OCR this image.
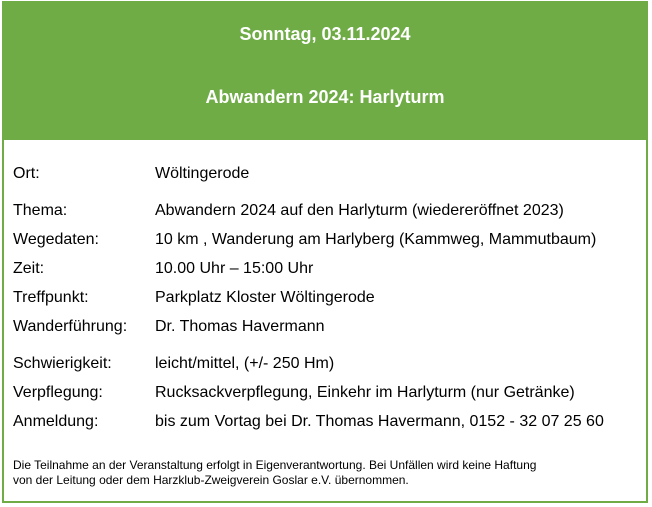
Sonntag, 03.11.2024
Abwandern 2024: Harlyturm
Ort:	Wöltingerode
Thema:	Abwandern 2024 auf den Harlyturm (wiedereröffnet 2023)
Wegedaten:	10 km , Wanderung am Harlyberg (Kammweg, Mammutbaum)
Zeit:	10.00 Uhr – 15:00 Uhr
Treffpunkt:	Parkplatz Kloster Wöltingerode
Wanderführung: Dr. Thomas Havermann
Schwierigkeit:	leicht/mittel, (+/- 250 Hm)
Verpflegung:	Rucksackverpflegung, Einkehr im Harlyturm (nur Getränke)
Anmeldung:	bis zum Vortag bei Dr. Thomas Havermann, 0152 - 32 07 25 60
Die Teilnahme an der Veranstaltung erfolgt in Eigenverantwortung. Bei Unfällen wird keine Haftung
von der Leitung oder dem Harzklub-Zweigverein Goslar e.V. übernommen.
